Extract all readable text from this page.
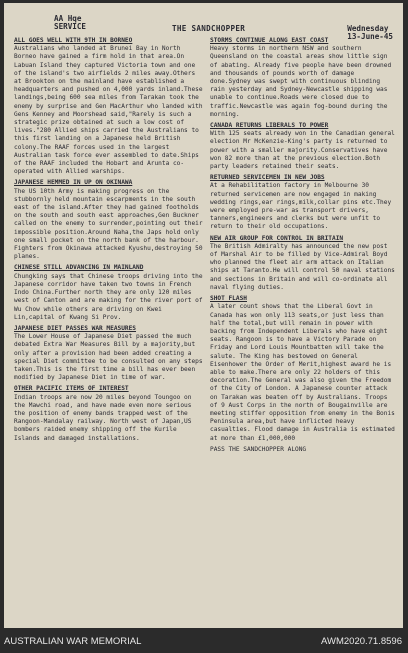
AA Hqe
SERVICE	THE SANDCHOPPER	Wednesday
13-June-45

ALL GOES WELL WITH 9TH IN BORNEO

Australians who landed at Brunei Bay in North Borneo have gained a firm hold in that area.On Labuan Island they captured Victoria town and one of the island's two airfields 2 miles away.Others at Brookton on the mainland have established a headquarters and pushed on 4,000 yards inland.These landings,being 600 sea miles from Tarakan took the enemy by surprise and Gen MacArthur who landed with Gens Kenney and Moorshead said,"Rarely is such a strategic prize obtained at such a low cost of lives."280 Allied ships carried the Australians to this first landing on a Japanese held British colony.The RAAF forces used in the largest Australian task force ever assembled to date.Ships of the RAAF included the Hobart and Arunta co-operated with Allied warships.

JAPANESE HEMMED IN UP ON OKINAWA

The US 10th Army is making progress on the stubbornly held mountain escarpments in the south east of the island.After they had gained footholds on the south and south east approaches,Gen Buckner called on the enemy to surrender,pointing out their impossible position.Around Naha,the Japs hold only one small pocket on the north bank of the harbour. Fighters from Okinawa attacked Kyushu,destroying 50 planes.

CHINESE STILL ADVANCING IN MAINLAND

Chungking says that Chinese troops driving into the Japanese corridor have taken two towns in French Indo China.Further north they are only 120 miles west of Canton and are making for the river port of Wu Chow while others are driving on Kwei Lin,capital of Kwang Si Prov.

JAPANESE DIET PASSES WAR MEASURES

The Lower House of Japanese Diet passed the much debated Extra War Measures Bill by a majority,but only after a provision had been added creating a special Diet committee to be consulted on any steps taken.This is the first time a bill has ever been modified by Japanese Diet in time of war.

OTHER PACIFIC ITEMS OF INTEREST

Indian troops are now 20 miles beyond Toungoo on the Mawchi road, and have made even more serious the position of enemy bands trapped west of the Rangoon-Mandalay railway. North west of Japan,US bombers raided enemy shipping off the Kurile Islands and damaged installations.

STORMS CONTINUE ALONG EAST COAST

Heavy storms in northern NSW and southern Queensland on the coastal areas show little sign of abating. Already five people have been drowned and thousands of pounds worth of damage done.Sydney was swept with continuous blinding rain yesterday and Sydney-Newcastle shipping was unable to continue.Roads were closed due to traffic.Newcastle was again fog-bound during the morning.

CANADA RETURNS LIBERALS TO POWER

With 125 seats already won in the Canadian general election Mr McKenzie-King's party is returned to power with a smaller majority.Conservatives have won 82 more than at the previous election.Both party leaders retained their seats.

RETURNED SERVICEMEN IN NEW JOBS

At a Rehabilitation factory in Melbourne 30 returned servicemen are now engaged in making wedding rings,ear rings,milk,collar pins etc.They were employed pre-war as transport drivers, tanners,engineers and clerks but were unfit to return to their old occupations.

NEW AIR GROUP FOR CONTROL IN BRITAIN

The British Admiralty has announced the new post of Marshal Air to be filled by Vice-Admiral Boyd who planned the fleet air arm attack on Italian ships at Taranto.He will control 50 naval stations and sections in Britain and will co-ordinate all naval flying duties.

SHOT FLASH

A later count shows that the Liberal Govt in Canada has won only 113 seats,or just less than half the total,but will remain in power with backing from Independent Liberals who have eight seats. Rangoon is to have a Victory Parade on Friday and Lord Louis Mountbatten will take the salute. The King has bestowed on General Eisenhower the Order of Merit,highest award he is able to make.There are only 22 holders of this decoration.The General was also given the Freedom of the City of London. A Japanese counter attack on Tarakan was beaten off by Australians. Troops of 9 Aust Corps in the north of Bougainville are meeting stiffer opposition from enemy in the Bonis Peninsula area,but have inflicted heavy casualties. Flood damage in Australia is estimated at more than £1,000,000

PASS THE SANDCHOPPER ALONG

AUSTRALIAN WAR MEMORIAL	AWM2020.71.8596
